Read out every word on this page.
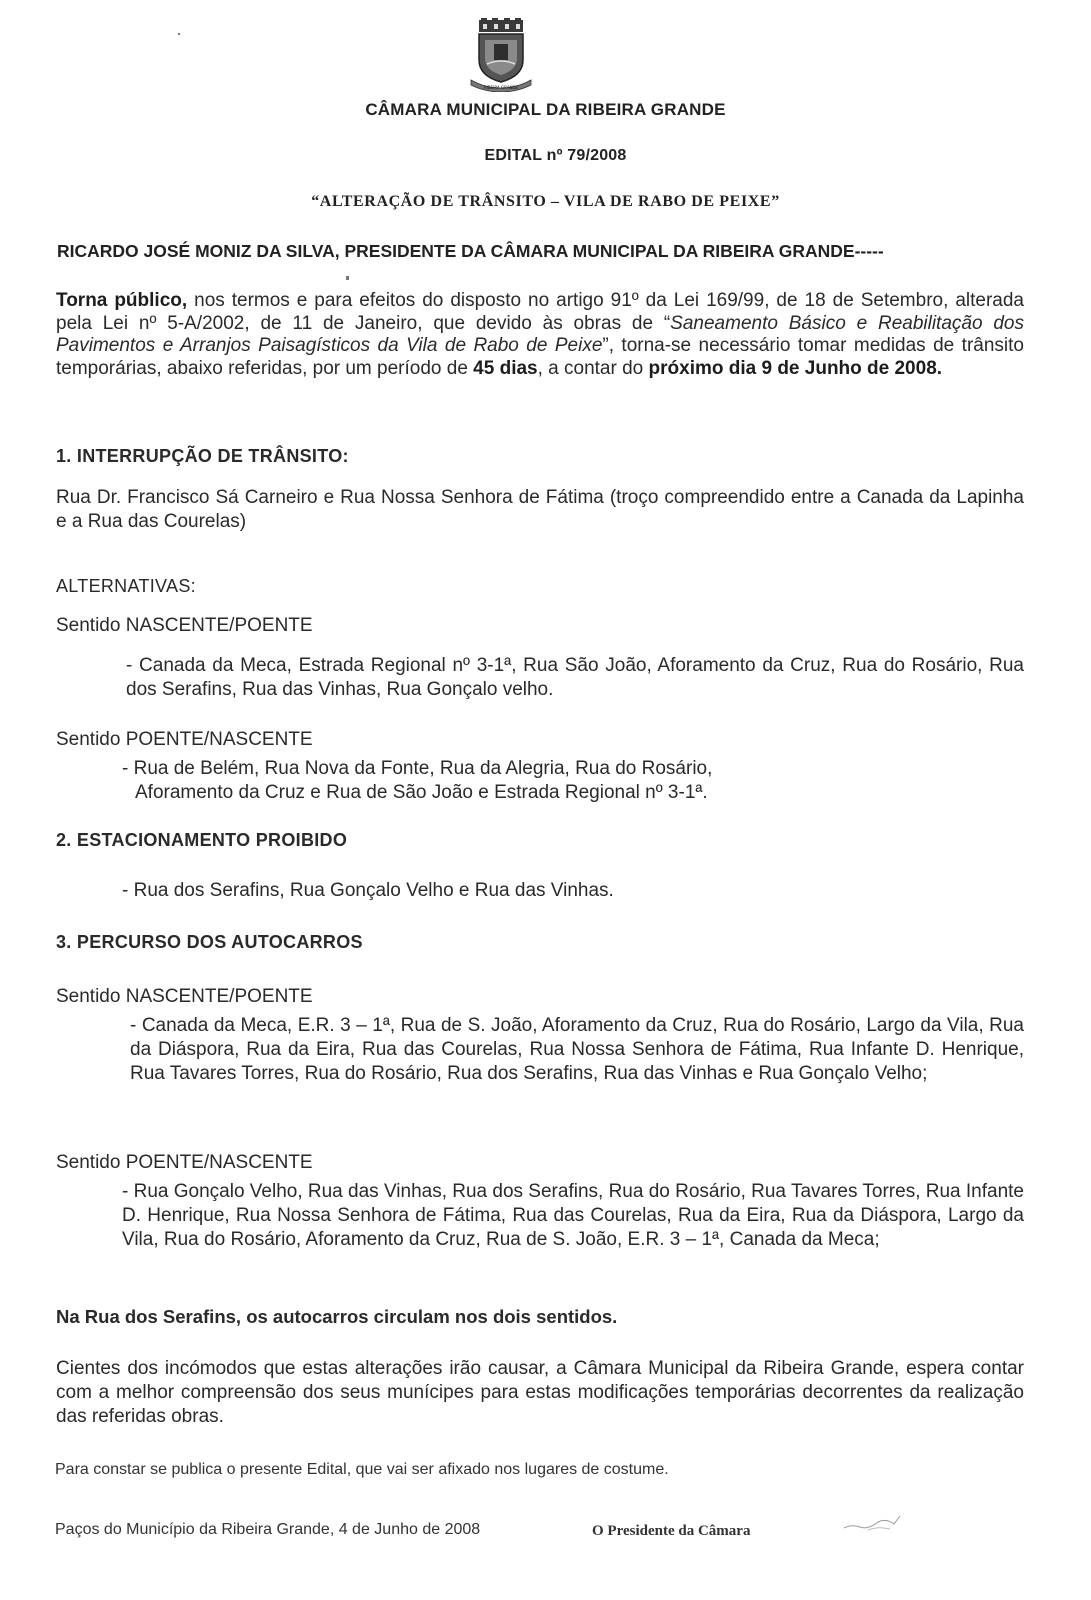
RIBEIRA GRANDE
CÂMARA MUNICIPAL DA RIBEIRA GRANDE
EDITAL nº 79/2008
“ALTERAÇÃO DE TRÂNSITO – VILA DE RABO DE PEIXE”
RICARDO JOSÉ MONIZ DA SILVA, PRESIDENTE DA CÂMARA MUNICIPAL DA RIBEIRA GRANDE-----
Torna público, nos termos e para efeitos do disposto no artigo 91º da Lei 169/99, de 18 de Setembro, alterada pela Lei nº 5-A/2002, de 11 de Janeiro, que devido às obras de “Saneamento Básico e Reabilitação dos Pavimentos e Arranjos Paisagísticos da Vila de Rabo de Peixe”, torna-se necessário tomar medidas de trânsito temporárias, abaixo referidas, por um período de 45 dias, a contar do próximo dia 9 de Junho de 2008.
1. INTERRUPÇÃO DE TRÂNSITO:
Rua Dr. Francisco Sá Carneiro e Rua Nossa Senhora de Fátima (troço compreendido entre a Canada da Lapinha e a Rua das Courelas)
ALTERNATIVAS:
Sentido NASCENTE/POENTE
- Canada da Meca, Estrada Regional nº 3-1ª, Rua São João, Aforamento da Cruz, Rua do Rosário, Rua dos Serafins, Rua das Vinhas, Rua Gonçalo velho.
Sentido POENTE/NASCENTE
- Rua de Belém, Rua Nova da Fonte, Rua da Alegria, Rua do Rosário,
Aforamento da Cruz e Rua de São João e Estrada Regional nº 3-1ª.
2. ESTACIONAMENTO PROIBIDO
- Rua dos Serafins, Rua Gonçalo Velho e Rua das Vinhas.
3. PERCURSO DOS AUTOCARROS
Sentido NASCENTE/POENTE
- Canada da Meca, E.R. 3 – 1ª, Rua de S. João, Aforamento da Cruz, Rua do Rosário, Largo da Vila, Rua da Diáspora, Rua da Eira, Rua das Courelas, Rua Nossa Senhora de Fátima, Rua Infante D. Henrique, Rua Tavares Torres, Rua do Rosário, Rua dos Serafins, Rua das Vinhas e Rua Gonçalo Velho;
Sentido POENTE/NASCENTE
- Rua Gonçalo Velho, Rua das Vinhas, Rua dos Serafins, Rua do Rosário, Rua Tavares Torres, Rua Infante D. Henrique, Rua Nossa Senhora de Fátima, Rua das Courelas, Rua da Eira, Rua da Diáspora, Largo da Vila, Rua do Rosário, Aforamento da Cruz, Rua de S. João, E.R. 3 – 1ª, Canada da Meca;
Na Rua dos Serafins, os autocarros circulam nos dois sentidos.
Cientes dos incómodos que estas alterações irão causar, a Câmara Municipal da Ribeira Grande, espera contar com a melhor compreensão dos seus munícipes para estas modificações temporárias decorrentes da realização das referidas obras.
Para constar se publica o presente Edital, que vai ser afixado nos lugares de costume.
Paços do Município da Ribeira Grande, 4 de Junho de 2008	O Presidente da Câmara
